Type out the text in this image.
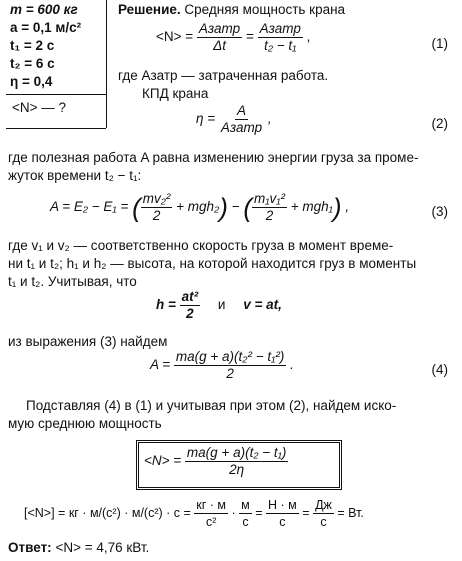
m = 600 кг
a = 0,1 м/с²
t₁ = 2 с
t₂ = 6 с
η = 0,4
<N> — ?
Решение. Средняя мощность крана
$<N> = \frac{\text{Aзатр}}{\Delta t} = \frac{\text{Aзатр}}{\text{t₂ − t₁}}$ ,	(1)
где Aзатр — затраченная работа.
КПД крана
$\eta = \frac{A}{\text{Aзатр}}$ ,	(2)
где полезная работа A равна изменению энергии груза за проме-
жуток времени t₂ − t₁:
A = E₂ − E₁ = ( $\frac{\text{mv₂²}}{2} + mgh_2$) − ( $\frac{\text{m₁v₁²}}{2} + mgh_1$) ,	(3)
где v₁ и v₂ — соответственно скорость груза в момент време-
ни t₁ и t₂; h₁ и h₂ — высота, на которой находится груз в моменты
t₁ и t₂. Учитывая, что
$h = \frac{\text{at²}}{2}$ и v = at,
из выражения (3) найдем
$A = \frac{\text{ma(g + a)(t₂² − t₁²)}}{2}$ .	(4)
Подставляя (4) в (1) и учитывая при этом (2), найдем иско-
мую среднюю мощность
$<N> = \frac{\text{ma(g + a)(t₂ − t₁)}}{2\eta}$
[<N>] = кг · $м/(с^2) \cdot м/(с^2) \cdot с = \frac{кг \cdot м}{\text{с²}} \cdot \frac{м}{с} = \frac{Н \cdot м}{с} = \frac{Дж}{с}$ = Вт.
Ответ: <N> = 4,76 кВт.
